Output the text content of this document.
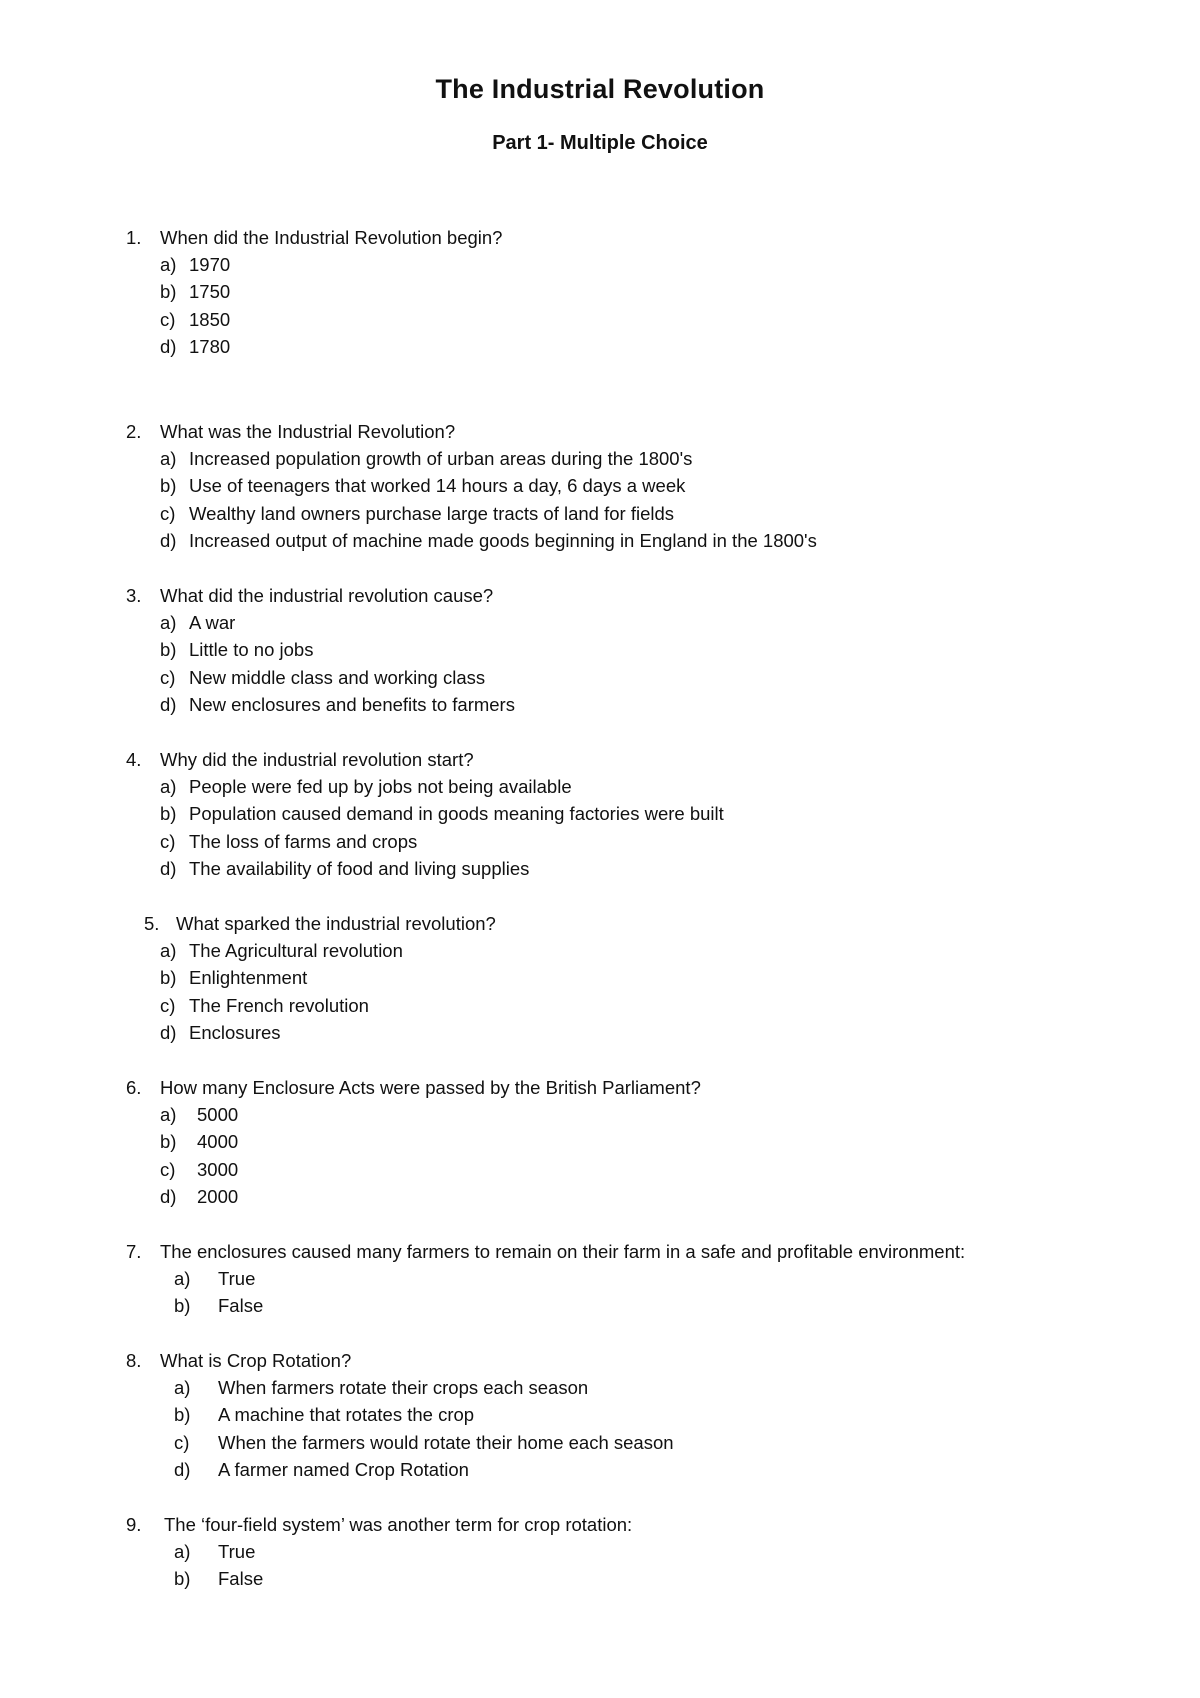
The Industrial Revolution
Part 1- Multiple Choice
1. When did the Industrial Revolution begin?
a) 1970
b) 1750
c) 1850
d) 1780
2. What was the Industrial Revolution?
a) Increased population growth of urban areas during the 1800's
b) Use of teenagers that worked 14 hours a day, 6 days a week
c) Wealthy land owners purchase large tracts of land for fields
d) Increased output of machine made goods beginning in England in the 1800's
3. What did the industrial revolution cause?
a) A war
b) Little to no jobs
c) New middle class and working class
d) New enclosures and benefits to farmers
4. Why did the industrial revolution start?
a) People were fed up by jobs not being available
b) Population caused demand in goods meaning factories were built
c) The loss of farms and crops
d) The availability of food and living supplies
5. What sparked the industrial revolution?
a) The Agricultural revolution
b) Enlightenment
c) The French revolution
d) Enclosures
6. How many Enclosure Acts were passed by the British Parliament?
a) 5000
b) 4000
c) 3000
d) 2000
7. The enclosures caused many farmers to remain on their farm in a safe and profitable environment:
a) True
b) False
8. What is Crop Rotation?
a) When farmers rotate their crops each season
b) A machine that rotates the crop
c) When the farmers would rotate their home each season
d) A farmer named Crop Rotation
9. The ‘four-field system’ was another term for crop rotation:
a) True
b) False
